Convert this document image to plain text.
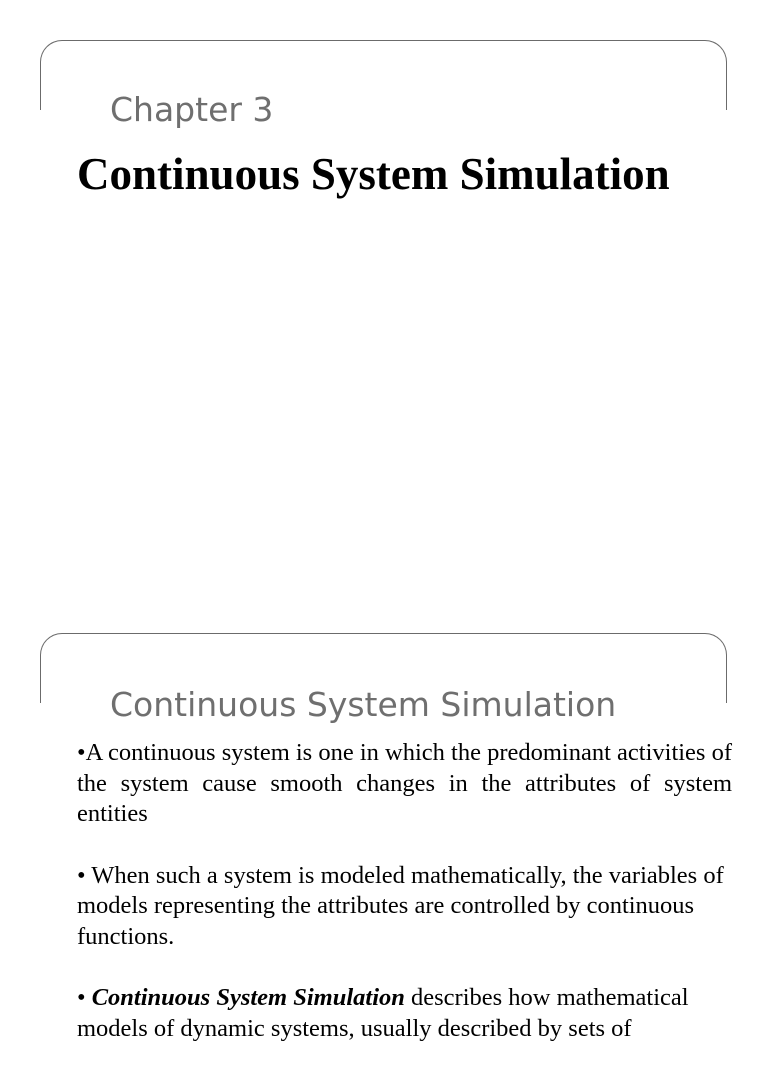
Chapter 3
Continuous System Simulation
Continuous System Simulation

•A continuous system is one in which the predominant activities of the system cause smooth changes in the attributes of system entities

• When such a system is modeled mathematically, the variables of models representing the attributes are controlled by continuous functions.

• Continuous System Simulation describes how mathematical models of dynamic systems, usually described by sets of
